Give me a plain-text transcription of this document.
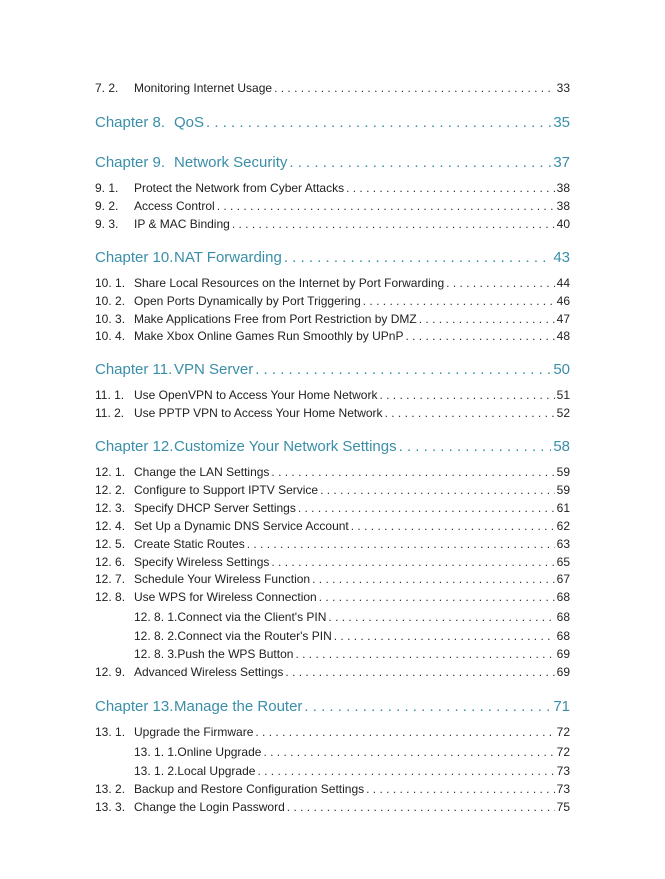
7. 2.	Monitoring Internet Usage . . .	33
Chapter 8. QoS . . .	35
Chapter 9. Network Security . . .	37
9. 1.	Protect the Network from Cyber Attacks . . .	38
9. 2.	Access Control . . .	38
9. 3.	IP & MAC Binding . . .	40
Chapter 10. NAT Forwarding . . .	43
10. 1. Share Local Resources on the Internet by Port Forwarding . . .	44
10. 2. Open Ports Dynamically by Port Triggering . . .	46
10. 3. Make Applications Free from Port Restriction by DMZ . . .	47
10. 4. Make Xbox Online Games Run Smoothly by UPnP . . .	48
Chapter 11. VPN Server . . .	50
11. 1. Use OpenVPN to Access Your Home Network . . .	51
11. 2. Use PPTP VPN to Access Your Home Network . . .	52
Chapter 12. Customize Your Network Settings . . .	58
12. 1. Change the LAN Settings . . .	59
12. 2. Configure to Support IPTV Service . . .	59
12. 3. Specify DHCP Server Settings . . .	61
12. 4. Set Up a Dynamic DNS Service Account . . .	62
12. 5. Create Static Routes . . .	63
12. 6. Specify Wireless Settings . . .	65
12. 7. Schedule Your Wireless Function . . .	67
12. 8. Use WPS for Wireless Connection . . .	68
12. 8. 1. Connect via the Client's PIN . . .	68
12. 8. 2. Connect via the Router's PIN . . .	68
12. 8. 3. Push the WPS Button . . .	69
12. 9. Advanced Wireless Settings . . .	69
Chapter 13. Manage the Router . . .	71
13. 1. Upgrade the Firmware . . .	72
13. 1. 1. Online Upgrade . . .	72
13. 1. 2. Local Upgrade . . .	73
13. 2. Backup and Restore Configuration Settings . . .	73
13. 3. Change the Login Password . . .	75
